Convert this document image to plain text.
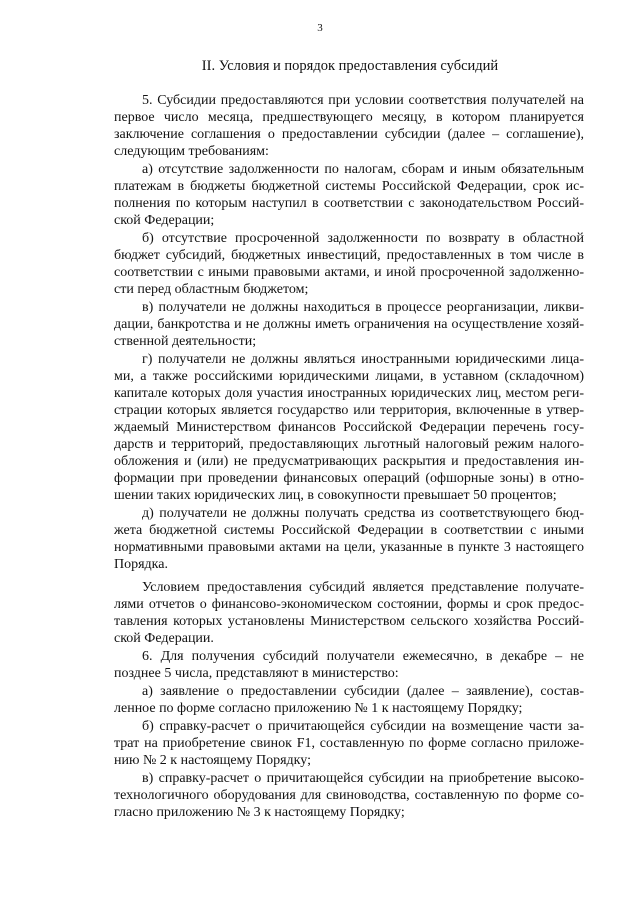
3
II. Условия и порядок предоставления субсидий

5. Субсидии предоставляются при условии соответствия получателей на первое число месяца, предшествующего месяцу, в котором планируется заключение соглашения о предоставлении субсидии (далее – соглашение), следующим требованиям:

а) отсутствие задолженности по налогам, сборам и иным обязательным платежам в бюджеты бюджетной системы Российской Федерации, срок исполнения по которым наступил в соответствии с законодательством Российской Федерации;

б) отсутствие просроченной задолженности по возврату в областной бюджет субсидий, бюджетных инвестиций, предоставленных в том числе в соответствии с иными правовыми актами, и иной просроченной задолженности перед областным бюджетом;

в) получатели не должны находиться в процессе реорганизации, ликвидации, банкротства и не должны иметь ограничения на осуществление хозяйственной деятельности;

г) получатели не должны являться иностранными юридическими лицами, а также российскими юридическими лицами, в уставном (складочном) капитале которых доля участия иностранных юридических лиц, местом регистрации которых является государство или территория, включенные в утверждаемый Министерством финансов Российской Федерации перечень государств и территорий, предоставляющих льготный налоговый режим налогообложения и (или) не предусматривающих раскрытия и предоставления информации при проведении финансовых операций (офшорные зоны) в отношении таких юридических лиц, в совокупности превышает 50 процентов;

д) получатели не должны получать средства из соответствующего бюджета бюджетной системы Российской Федерации в соответствии с иными нормативными правовыми актами на цели, указанные в пункте 3 настоящего Порядка.

Условием предоставления субсидий является представление получателями отчетов о финансово-экономическом состоянии, формы и срок предоставления которых установлены Министерством сельского хозяйства Российской Федерации.

6. Для получения субсидий получатели ежемесячно, в декабре – не позднее 5 числа, представляют в министерство:

а) заявление о предоставлении субсидии (далее – заявление), составленное по форме согласно приложению № 1 к настоящему Порядку;

б) справку-расчет о причитающейся субсидии на возмещение части затрат на приобретение свинок F1, составленную по форме согласно приложению № 2 к настоящему Порядку;

в) справку-расчет о причитающейся субсидии на приобретение высокотехнологичного оборудования для свиноводства, составленную по форме согласно приложению № 3 к настоящему Порядку;
